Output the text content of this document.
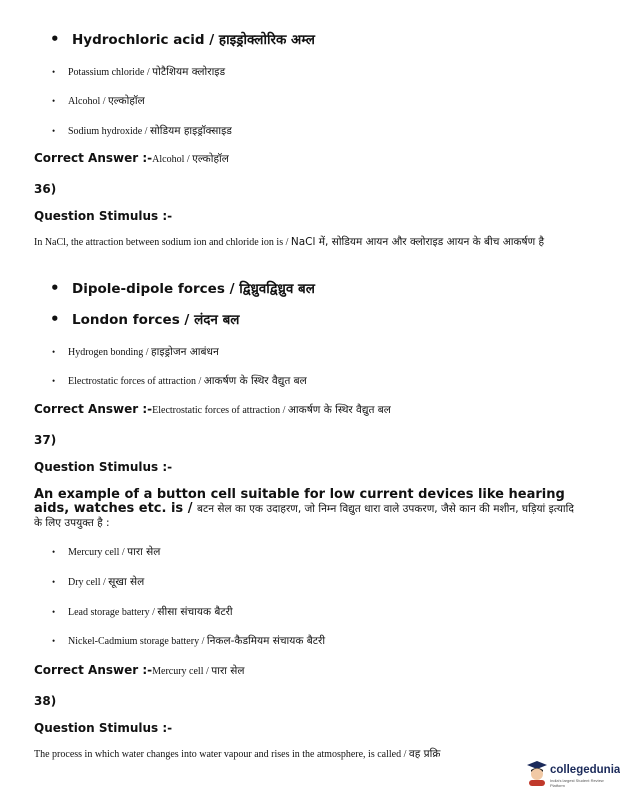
• Hydrochloric acid / हाइड्रोक्लोरिक अम्ल
• Potassium chloride / पोटैशियम क्लोराइड
• Alcohol / एल्कोहॉल
• Sodium hydroxide / सोडियम हाइड्रॉक्साइड
Correct Answer :-Alcohol / एल्कोहॉल
36)
Question Stimulus :-
In NaCl, the attraction between sodium ion and chloride ion is / NaCl में, सोडियम आयन और क्लोराइड आयन के बीच आकर्षण है
• Dipole-dipole forces / द्विध्रुवद्विध्रुव बल
• London forces / लंदन बल
• Hydrogen bonding / हाइड्रोजन आबंधन
• Electrostatic forces of attraction / आकर्षण के स्थिर वैद्युत बल
Correct Answer :-Electrostatic forces of attraction / आकर्षण के स्थिर वैद्युत बल
37)
Question Stimulus :-
An example of a button cell suitable for low current devices like hearing aids, watches etc. is / बटन सेल का एक उदाहरण, जो निम्न विद्युत धारा वाले उपकरण, जैसे कान की मशीन, घड़ियां इत्यादि के लिए उपयुक्त है :
• Mercury cell / पारा सेल
• Dry cell / सूखा सेल
• Lead storage battery / सीसा संचायक बैटरी
• Nickel-Cadmium storage battery / निकल-कैडमियम संचायक बैटरी
Correct Answer :-Mercury cell / पारा सेल
38)
Question Stimulus :-
The process in which water changes into water vapour and rises in the atmosphere, is called / वह प्रक्रि
collegedunia
India's largest Student Review Platform
